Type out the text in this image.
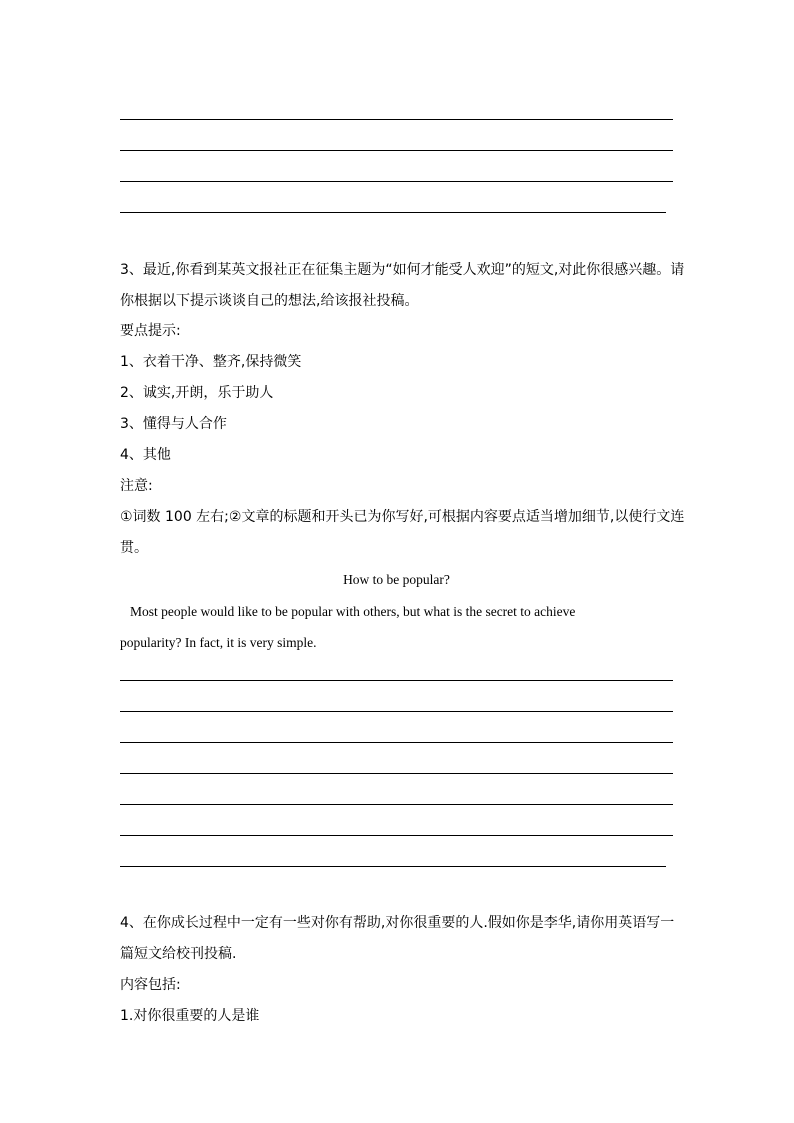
3、最近,你看到某英文报社正在征集主题为“如何才能受人欢迎”的短文,对此你很感兴趣。请
你根据以下提示谈谈自己的想法,给该报社投稿。
要点提示:
1、衣着干净、整齐,保持微笑
2、诚实,开朗，乐于助人
3、懂得与人合作
4、其他
注意:
①词数 100 左右;②文章的标题和开头已为你写好,可根据内容要点适当增加细节,以使行文连
贯。
How to be popular?
Most people would like to be popular with others, but what is the secret to achieve
popularity? In fact, it is very simple.
4、在你成长过程中一定有一些对你有帮助,对你很重要的人.假如你是李华,请你用英语写一
篇短文给校刊投稿.
内容包括:
1.对你很重要的人是谁
